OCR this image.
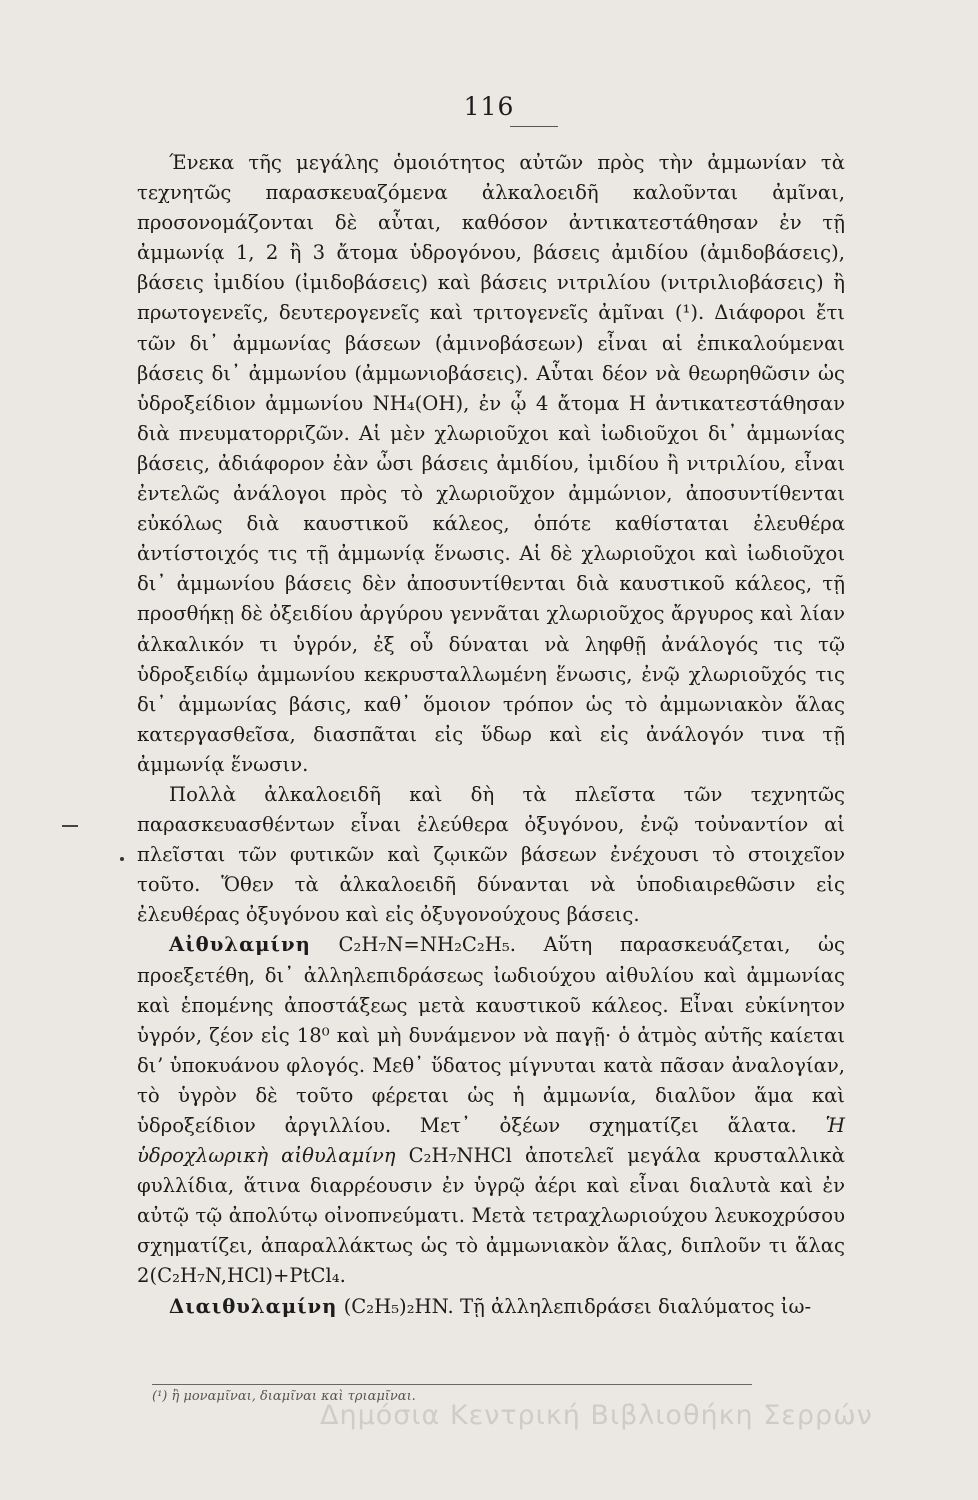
116

Ένεκα τῆς μεγάλης ὁμοιότητος αὐτῶν πρὸς τὴν ἀμμωνίαν τὰ τεχνητῶς παρασκευαζόμενα ἀλκαλοειδῆ καλοῦνται ἀμῖναι, προσονομάζονται δὲ αὗται, καθόσον ἀντικατεστάθησαν ἐν τῇ ἀμμωνίᾳ 1, 2 ἢ 3 ἄτομα ὑδρογόνου, βάσεις ἀμιδίου (ἀμιδοβάσεις), βάσεις ἰμιδίου (ἰμιδοβάσεις) καὶ βάσεις νιτριλίου (νιτριλιοβάσεις) ἢ πρωτογενεῖς, δευτερογενεῖς καὶ τριτογενεῖς ἀμῖναι (¹). Διάφοροι ἔτι τῶν δι᾽ ἀμμωνίας βάσεων (ἀμινοβάσεων) εἶναι αἱ ἐπικαλούμεναι βάσεις δι᾽ ἀμμωνίου (ἀμμωνιοβάσεις). Αὗται δέον νὰ θεωρηθῶσιν ὡς ὑδροξείδιον ἀμμωνίου NH₄(OH), ἐν ᾧ 4 ἄτομα H ἀντικατεστάθησαν διὰ πνευματορριζῶν. Αἱ μὲν χλωριοῦχοι καὶ ἰωδιοῦχοι δι᾽ ἀμμωνίας βάσεις, ἀδιάφορον ἐὰν ὦσι βάσεις ἀμιδίου, ἰμιδίου ἢ νιτριλίου, εἶναι ἐντελῶς ἀνάλογοι πρὸς τὸ χλωριοῦχον ἀμμώνιον, ἀποσυντίθενται εὐκόλως διὰ καυστικοῦ κάλεος, ὁπότε καθίσταται ἐλευθέρα ἀντίστοιχός τις τῇ ἀμμωνίᾳ ἕνωσις. Αἱ δὲ χλωριοῦχοι καὶ ἰωδιοῦχοι δι᾽ ἀμμωνίου βάσεις δὲν ἀποσυντίθενται διὰ καυστικοῦ κάλεος, τῇ προσθήκῃ δὲ ὀξειδίου ἀργύρου γεννᾶται χλωριοῦχος ἄργυρος καὶ λίαν ἀλκαλικόν τι ὑγρόν, ἐξ οὗ δύναται νὰ ληφθῇ ἀνάλογός τις τῷ ὑδροξειδίῳ ἀμμωνίου κεκρυσταλλωμένη ἕνωσις, ἐνῷ χλωριοῦχός τις δι᾽ ἀμμωνίας βάσις, καθ᾽ ὅμοιον τρόπον ὡς τὸ ἀμμωνιακὸν ἅλας κατεργασθεῖσα, διασπᾶται εἰς ὕδωρ καὶ εἰς ἀνάλογόν τινα τῇ ἀμμωνίᾳ ἕνωσιν.

Πολλὰ ἀλκαλοειδῆ καὶ δὴ τὰ πλεῖστα τῶν τεχνητῶς παρασκευασθέντων εἶναι ἐλεύθερα ὀξυγόνου, ἐνῷ τοὐναντίον αἱ πλεῖσται τῶν φυτικῶν καὶ ζῳικῶν βάσεων ἐνέχουσι τὸ στοιχεῖον τοῦτο. Ὅθεν τὰ ἀλκαλοειδῆ δύνανται νὰ ὑποδιαιρεθῶσιν εἰς ἐλευθέρας ὀξυγόνου καὶ εἰς ὀξυγονούχους βάσεις.

Αἰθυλαμίνη C₂H₇N=NH₂C₂H₅. Αὕτη παρασκευάζεται, ὡς προεξετέθη, δι᾽ ἀλληλεπιδράσεως ἰωδιούχου αἰθυλίου καὶ ἀμμωνίας καὶ ἑπομένης ἀποστάξεως μετὰ καυστικοῦ κάλεος. Εἶναι εὐκίνητον ὑγρόν, ζέον εἰς 18⁰ καὶ μὴ δυνάμενον νὰ παγῇ· ὁ ἀτμὸς αὐτῆς καίεται διʼ ὑποκυάνου φλογός. Μεθ᾽ ὕδατος μίγνυται κατὰ πᾶσαν ἀναλογίαν, τὸ ὑγρὸν δὲ τοῦτο φέρεται ὡς ἡ ἀμμωνία, διαλῦον ἅμα καὶ ὑδροξείδιον ἀργιλλίου. Μετ᾽ ὀξέων σχηματίζει ἅλατα. Ἡ ὑδροχλωρικὴ αἰθυλαμίνη C₂H₇NHCl ἀποτελεῖ μεγάλα κρυσταλλικὰ φυλλίδια, ἅτινα διαρρέουσιν ἐν ὑγρῷ ἀέρι καὶ εἶναι διαλυτὰ καὶ ἐν αὐτῷ τῷ ἀπολύτῳ οἰνοπνεύματι. Μετὰ τετραχλωριούχου λευκοχρύσου σχηματίζει, ἀπαραλλάκτως ὡς τὸ ἀμμωνιακὸν ἅλας, διπλοῦν τι ἅλας 2(C₂H₇N,HCl)+PtCl₄.

Διαιθυλαμίνη (C₂H₅)₂HN. Τῇ ἀλληλεπιδράσει διαλύματος ἰω-

(¹) ἢ μοναμῖναι, διαμῖναι καὶ τριαμῖναι.
Δημόσια Κεντρική Βιβλιοθήκη Σερρών
